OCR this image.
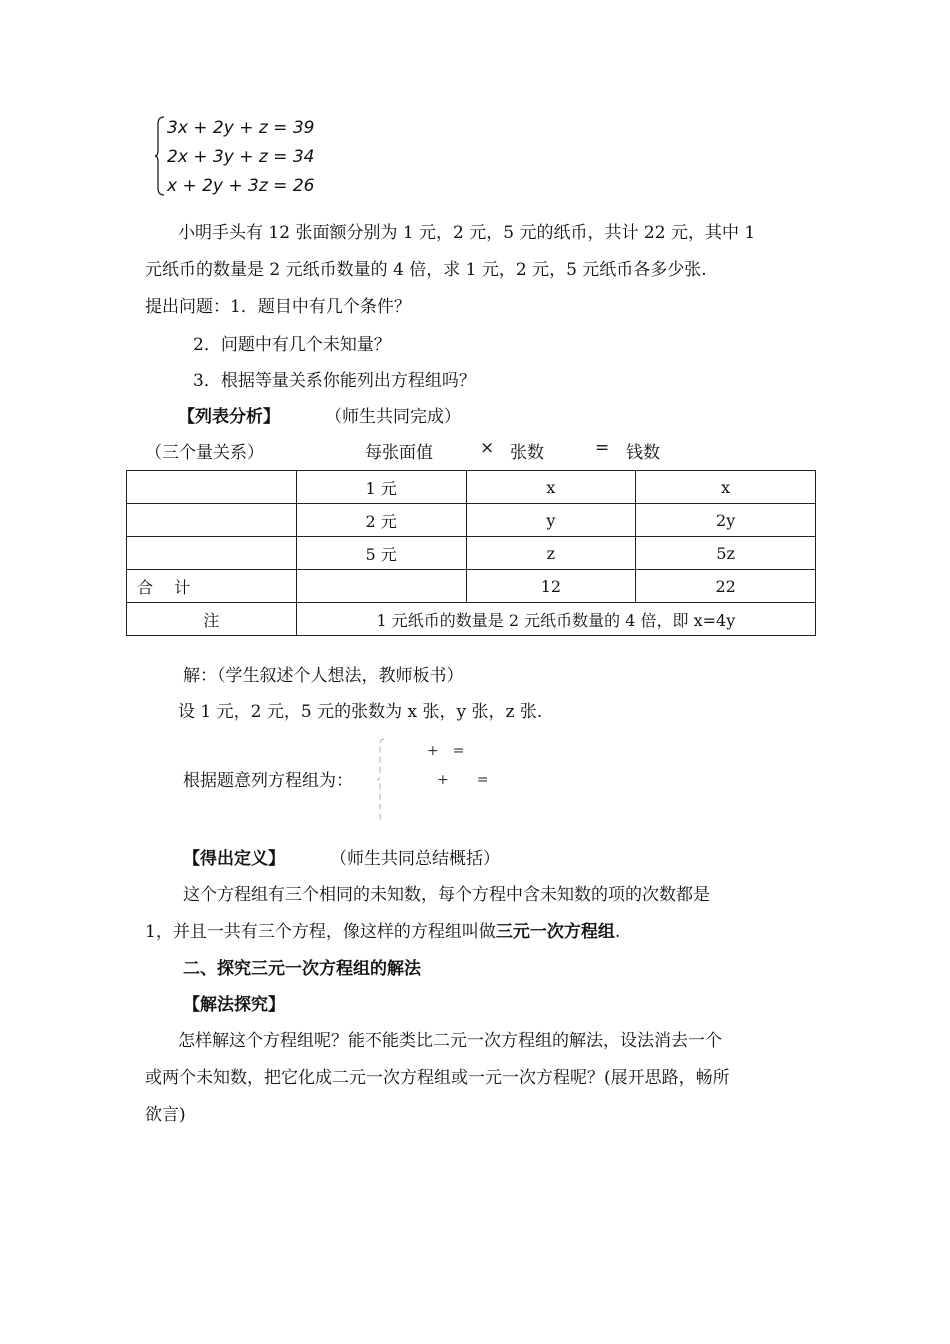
3x + 2y + z = 39
2x + 3y + z = 34
x + 2y + 3z = 26
小明手头有 12 张面额分别为 1 元，2 元，5 元的纸币，共计 22 元，其中 1
元纸币的数量是 2 元纸币数量的 4 倍，求 1 元，2 元，5 元纸币各多少张.
提出问题：1．题目中有几个条件？
2．问题中有几个未知量？
3．根据等量关系你能列出方程组吗？
【列表分析】	（师生共同完成）
（三个量关系）	每张面值	× 张数	= 钱数
	1 元	x	x
	2 元	y	2y
	5 元	z	5z
合　 计		12	22
注	1 元纸币的数量是 2 元纸币数量的 4 倍，即 x=4y		
解：（学生叙述个人想法，教师板书）
设 1 元，2 元，5 元的张数为 x 张，y 张，z 张.
根据题意列方程组为：
+　=
+　　=
【得出定义】	（师生共同总结概括）
这个方程组有三个相同的未知数，每个方程中含未知数的项的次数都是
1，并且一共有三个方程，像这样的方程组叫做三元一次方程组.
二、探究三元一次方程组的解法
【解法探究】
怎样解这个方程组呢？能不能类比二元一次方程组的解法，设法消去一个
或两个未知数，把它化成二元一次方程组或一元一次方程呢？(展开思路，畅所
欲言)
